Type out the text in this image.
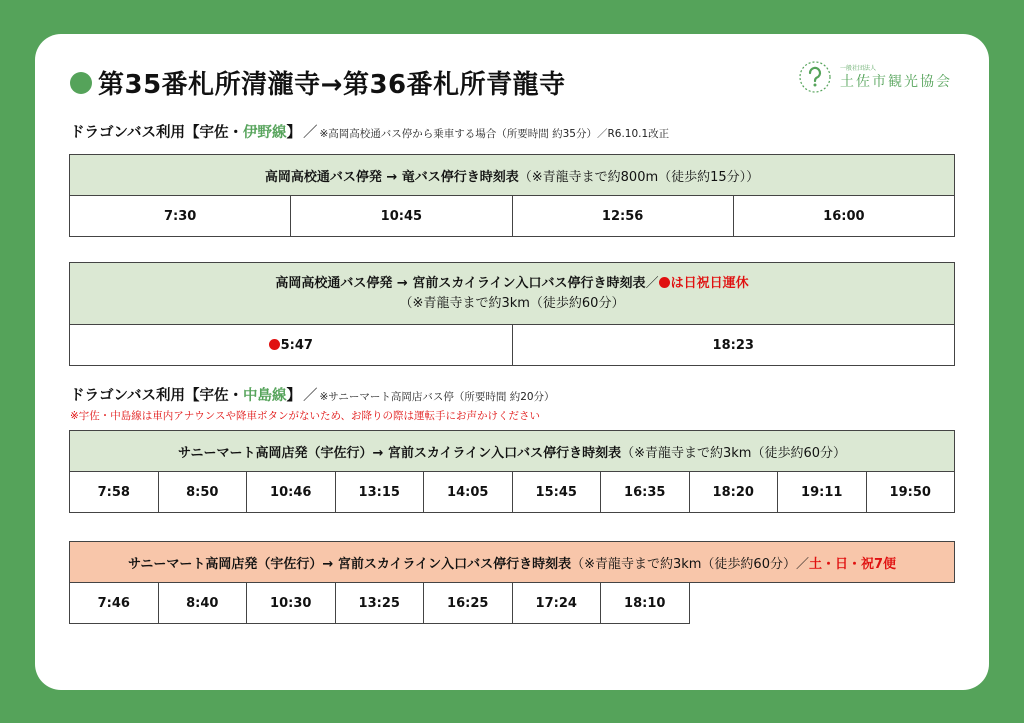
第35番札所清瀧寺→第36番札所青龍寺
一般社団法人
土佐市観光協会
ドラゴンバス利用【宇佐・ 伊野線 】 ／ ※高岡高校通バス停から乗車する場合（所要時間 約35分）／R6.10.1改正
高岡高校通バス停発 → 竜バス停行き時刻表（※青龍寺まで約800m（徒歩約15分））
7:30	10:45	12:56	16:00
高岡高校通バス停発 → 宮前スカイライン入口バス停行き時刻表／ は日祝日運休
（※青龍寺まで約3km（徒歩約60分）
5:47	18:23
ドラゴンバス利用【宇佐・ 中島線 】 ／ ※サニーマート高岡店バス停（所要時間 約20分）
※宇佐・中島線は車内アナウンスや降車ボタンがないため、お降りの際は運転手にお声かけください
サニーマート高岡店発（宇佐行）→ 宮前スカイライン入口バス停行き時刻表（※青龍寺まで約3km（徒歩約60分）
7:58	8:50	10:46	13:15	14:05	15:45	16:35	18:20	19:11	19:50
サニーマート高岡店発（宇佐行）→ 宮前スカイライン入口バス停行き時刻表（※青龍寺まで約3km（徒歩約60分）／土・日・祝7便
7:46	8:40	10:30	13:25	16:25	17:24	18:10			
